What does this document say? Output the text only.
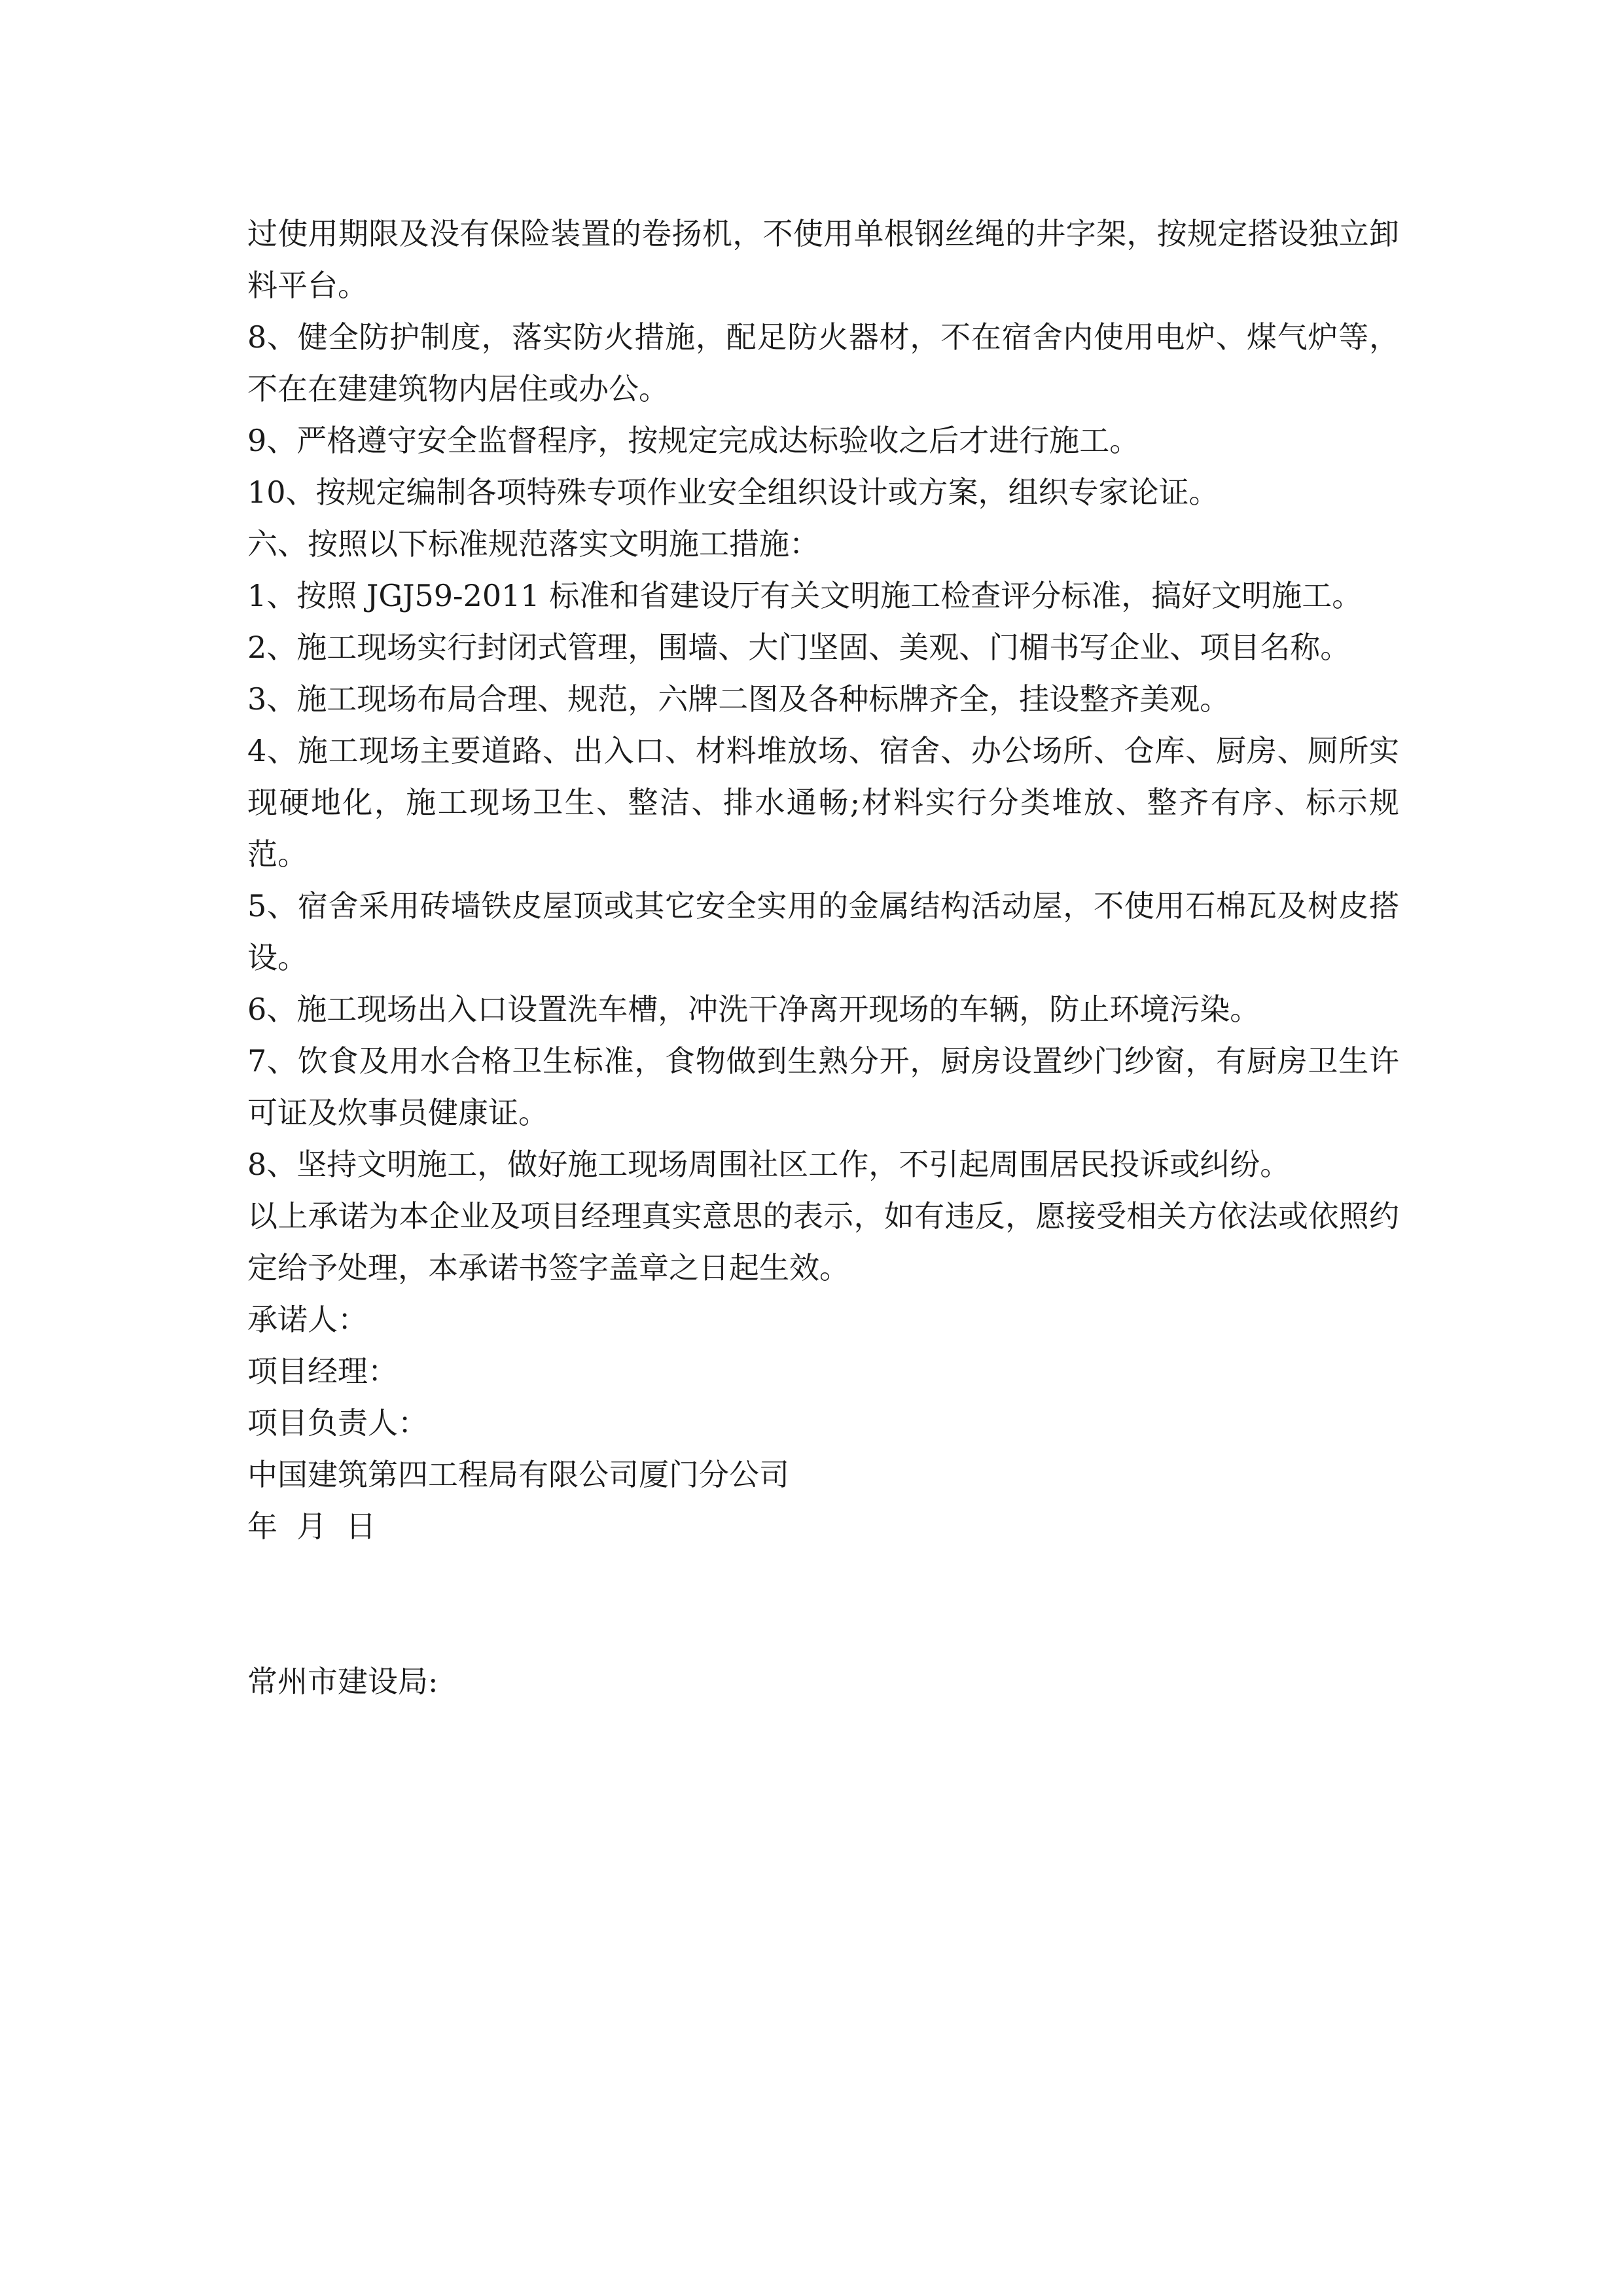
过使用期限及没有保险装置的卷扬机，不使用单根钢丝绳的井字架，按规定搭设独立卸料平台。

8、健全防护制度，落实防火措施，配足防火器材，不在宿舍内使用电炉、煤气炉等，不在在建建筑物内居住或办公。

9、严格遵守安全监督程序，按规定完成达标验收之后才进行施工。

10、按规定编制各项特殊专项作业安全组织设计或方案，组织专家论证。

六、按照以下标准规范落实文明施工措施：

1、按照 JGJ59-2011 标准和省建设厅有关文明施工检查评分标准，搞好文明施工。

2、施工现场实行封闭式管理，围墙、大门坚固、美观、门楣书写企业、项目名称。

3、施工现场布局合理、规范，六牌二图及各种标牌齐全，挂设整齐美观。

4、施工现场主要道路、出入口、材料堆放场、宿舍、办公场所、仓库、厨房、厕所实现硬地化，施工现场卫生、整洁、排水通畅;材料实行分类堆放、整齐有序、标示规范。

5、宿舍采用砖墙铁皮屋顶或其它安全实用的金属结构活动屋，不使用石棉瓦及树皮搭设。

6、施工现场出入口设置洗车槽，冲洗干净离开现场的车辆，防止环境污染。

7、饮食及用水合格卫生标准，食物做到生熟分开，厨房设置纱门纱窗，有厨房卫生许可证及炊事员健康证。

8、坚持文明施工，做好施工现场周围社区工作，不引起周围居民投诉或纠纷。

以上承诺为本企业及项目经理真实意思的表示，如有违反，愿接受相关方依法或依照约定给予处理，本承诺书签字盖章之日起生效。

承诺人：

项目经理：

项目负责人：

中国建筑第四工程局有限公司厦门分公司

年  月  日

常州市建设局:
